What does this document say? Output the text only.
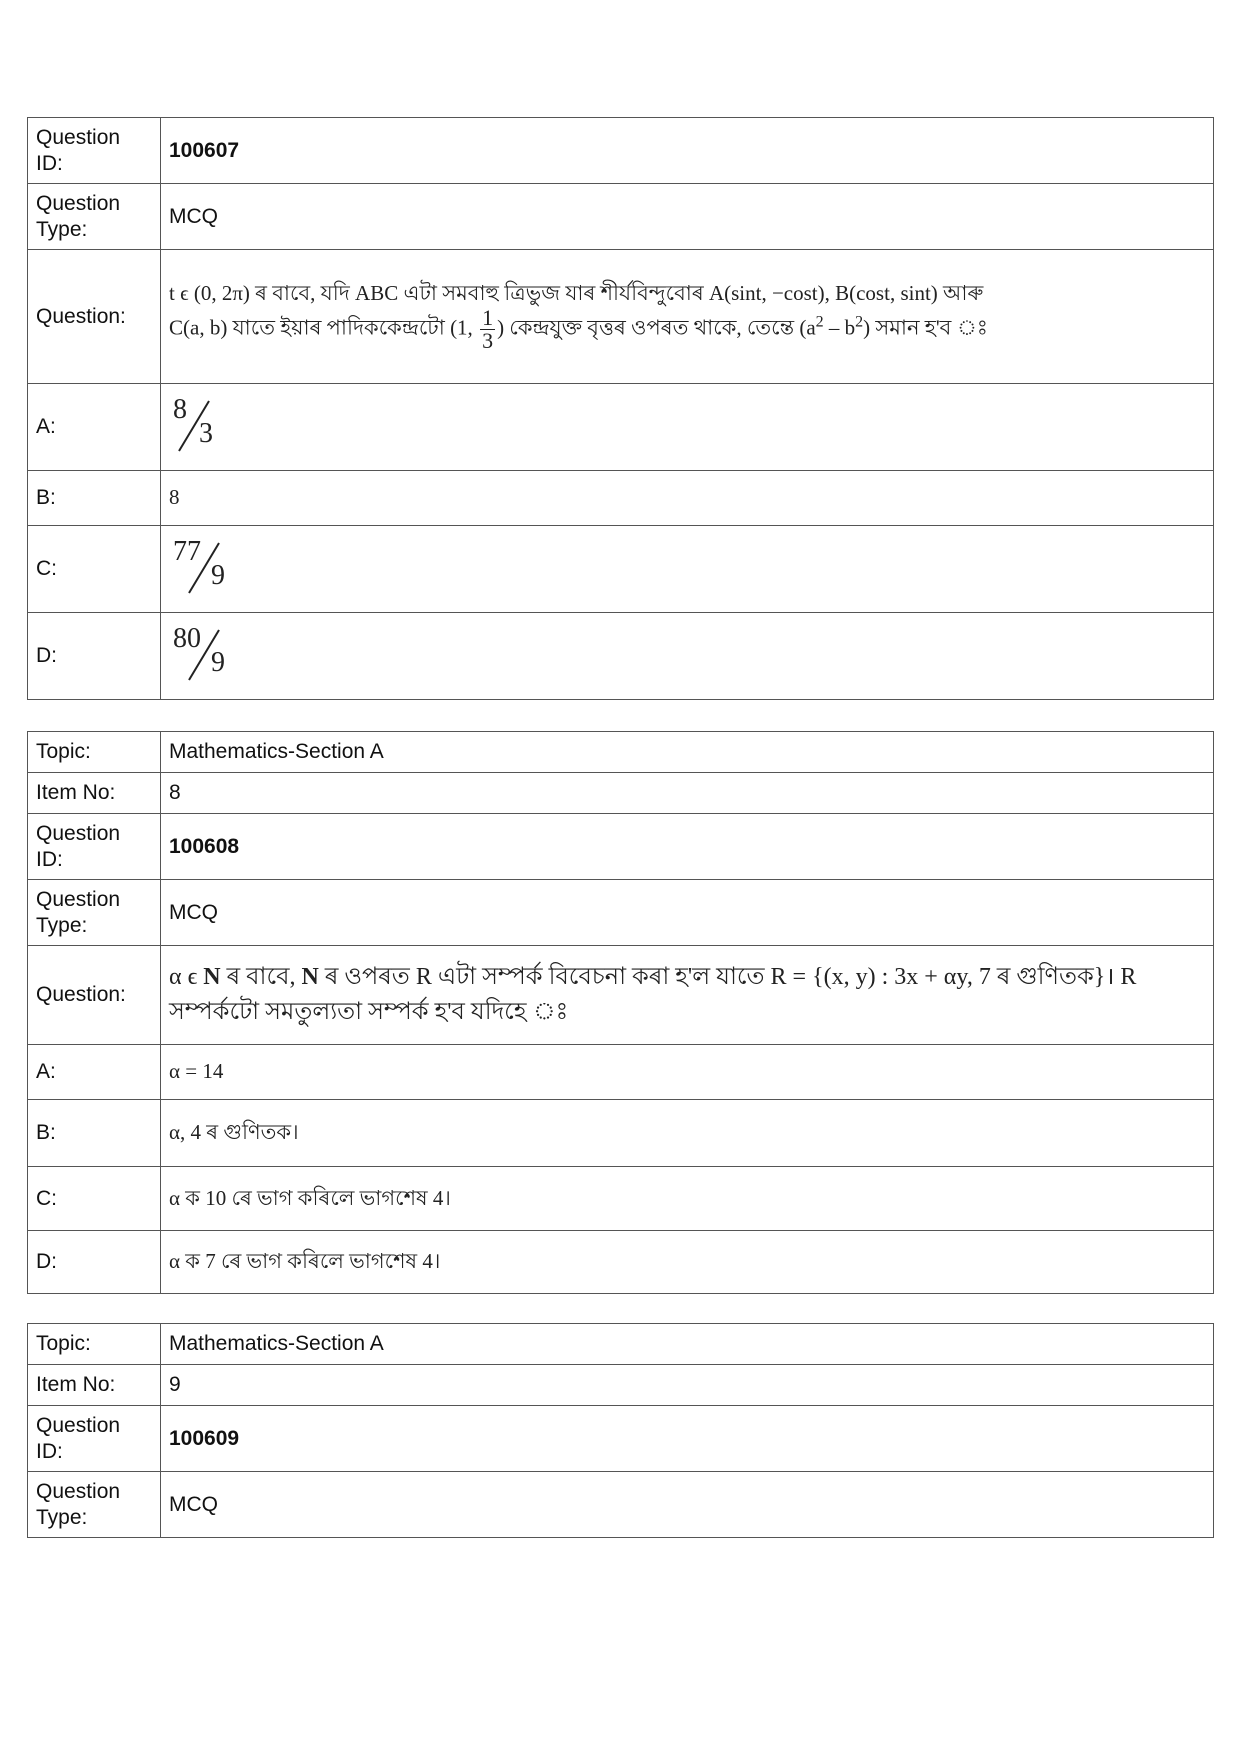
Question ID:	100607
Question Type:	MCQ
Question:	t ϵ (0, 2π) ৰ বাবে, যদি ABC এটা সমবাহু ত্ৰিভুজ যাৰ শীৰ্যবিন্দুবোৰ A(sint, −cost), B(cost, sint) আৰু
C(a, b) যাতে ইয়াৰ পাদিককেন্দ্ৰটো (1, $\frac{1}{3}$ ) কেন্দ্ৰযুক্ত বৃত্তৰ ওপৰত থাকে, তেন্তে $(a^2 - b^2)$ সমান হ'ব ঃ

A:	8
3

B:	8
C:	77
9

D:	80
9
Topic:	Mathematics-Section A
Item No:	8
Question ID:	100608
Question Type:	MCQ
Question:	α ϵ N ৰ বাবে, N ৰ ওপৰত R এটা সম্পৰ্ক বিবেচনা কৰা হ'ল যাতে R = {(x, y) : 3x + αy, 7 ৰ গুণিতক}। R সম্পৰ্কটো সমতুল্যতা সম্পৰ্ক হ'ব যদিহে ঃ
A:	α = 14
B:	α, 4 ৰ গুণিতক।
C:	α ক 10 ৰে ভাগ কৰিলে ভাগশেষ 4।
D:	α ক 7 ৰে ভাগ কৰিলে ভাগশেষ 4।
Topic:	Mathematics-Section A
Item No:	9
Question ID:	100609
Question Type:	MCQ
